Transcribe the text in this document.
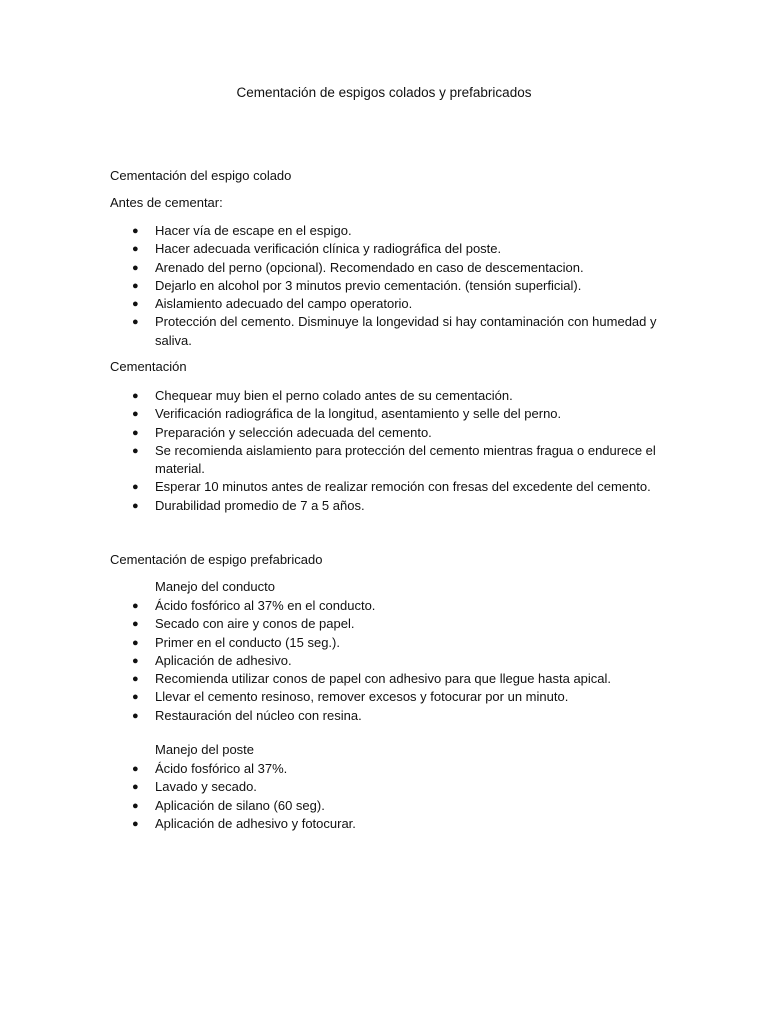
Cementación de espigos colados y prefabricados
Cementación del espigo colado
Antes de cementar:
● Hacer vía de escape en el espigo.
● Hacer adecuada verificación clínica y radiográfica del poste.
● Arenado del perno (opcional). Recomendado en caso de descementacion.
● Dejarlo en alcohol por 3 minutos previo cementación. (tensión superficial).
● Aislamiento adecuado del campo operatorio.
● Protección del cemento. Disminuye la longevidad si hay contaminación con humedad y saliva.
Cementación
● Chequear muy bien el perno colado antes de su cementación.
● Verificación radiográfica de la longitud, asentamiento y selle del perno.
● Preparación y selección adecuada del cemento.
● Se recomienda aislamiento para protección del cemento mientras fragua o endurece el material.
● Esperar 10 minutos antes de realizar remoción con fresas del excedente del cemento.
● Durabilidad promedio de 7 a 5 años.
Cementación de espigo prefabricado
Manejo del conducto
● Ácido fosfórico al 37% en el conducto.
● Secado con aire y conos de papel.
● Primer en el conducto (15 seg.).
● Aplicación de adhesivo.
● Recomienda utilizar conos de papel con adhesivo para que llegue hasta apical.
● Llevar el cemento resinoso, remover excesos y fotocurar por un minuto.
● Restauración del núcleo con resina.
Manejo del poste
● Ácido fosfórico al 37%.
● Lavado y secado.
● Aplicación de silano (60 seg).
● Aplicación de adhesivo y fotocurar.
